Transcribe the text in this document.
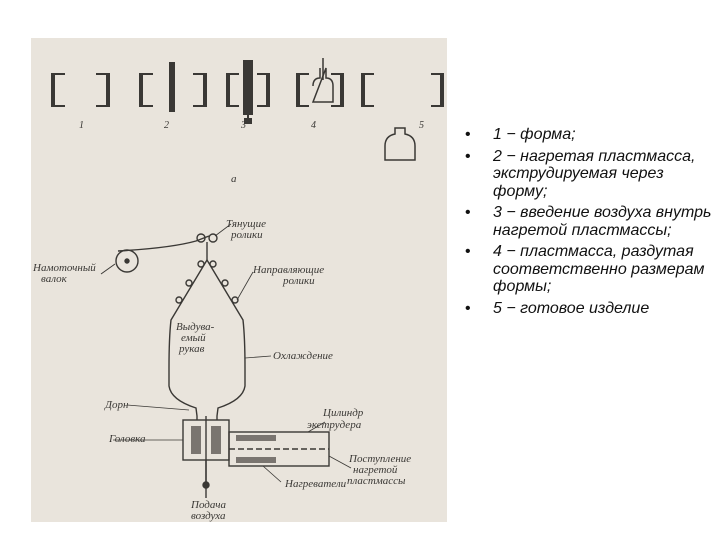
1	2	3	4	5
а
Тянущие
ролики
Намоточный
валок
Направляющие
ролики
Выдува-
емый
рукав
Охлаждение
Дорн
Головка
Цилиндр
экструдера
Нагреватели
Поступление
нагретой
пластмассы
Подача
воздуха
• 1 − форма;
• 2 − нагретая пластмасса, экструдируемая через форму;
• 3 − введение воздуха внутрь нагретой пластмассы;
• 4 − пластмасса, раздутая соответственно размерам формы;
• 5 − готовое изделие
